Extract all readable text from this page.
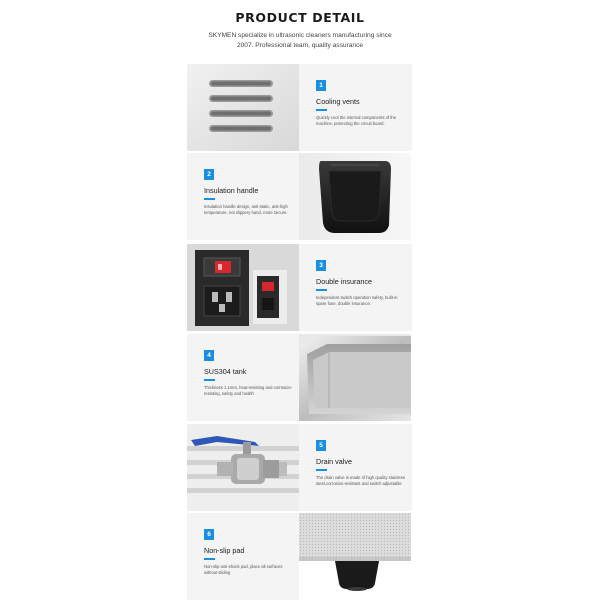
PRODUCT DETAIL
SKYMEN specialize in ultrasonic cleaners manufacturing since 2007. Professional team, quality assurance
1
Cooling vents
Quickly cool the internal components of the machine, protecting the circuit board.
2
Insulation handle
Insulation handle design, anti-static, anti-high temperature, not slippery hand, more secure.
3
Double insurance
Independent switch operation safety, built-in spare fuse, double insurance.
4
SUS304 tank
Thickness 1.1mm, heat-resisting and corrosion-resisting, safety and health
5
Drain valve
The drain valve is made of high quality stainless steel,corrosion-resistant and switch adjustable
6
Non-slip pad
Non-slip anti-shock pad, place all surfaces without sliding
